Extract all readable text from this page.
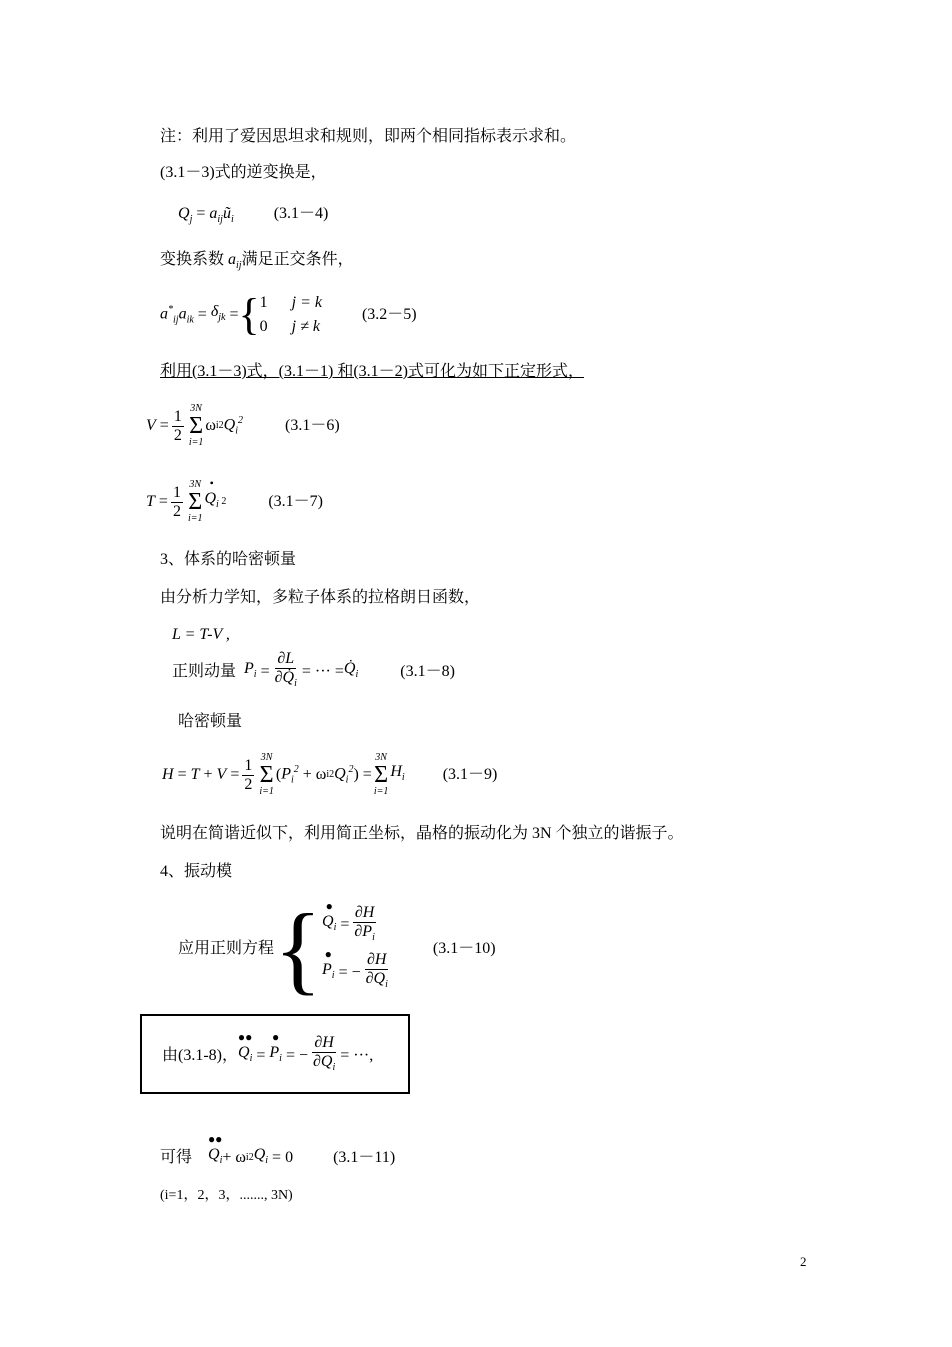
注：利用了爱因思坦求和规则，即两个相同指标表示求和。
(3.1－3)式的逆变换是，
$Q_j$ = $a_{ij}ũ_i$	(3.1－4)
变换系数 $a_{ij}$满足正交条件，
$a^*_{ij}a_{ik} = \delta_{jk}$ = { 1      j = k
0      j ≠ k
(3.2－5)
利用(3.1－3)式，(3.1－1) 和(3.1－2)式可化为如下正定形式，
$V = \frac{1}{2} 3N$
Σ
i=1
ω i 2 $Q_i^2$	(3.1－6)
$T = \frac{1}{2} 3N$
Σ
i=1
•
$Q_i$ 2	(3.1－7)
3、体系的哈密顿量
由分析力学知，多粒子体系的拉格朗日函数，
L = T-V ,
正则动量
$P_i = \frac{\partial L}{\partial Q̇_i}$ = ··· = $Q̇_i$	(3.1－8)
哈密顿量
$H = T + V = \frac{1}{2} 3N$
Σ
i=1
( $P_i^2 + \omega$ i 2 $Q_i^2$ ) =
3N
Σ
i=1
$H_i$ (3.1－9)
说明在简谐近似下，利用简正坐标，晶格的振动化为 3N 个独立的谐振子。
4、振动模
应用正则方程 { ●
$Q_i = \frac{\partial H}{\partial P_i}$
●
$P_i$ = − $\frac{\partial H}{\partial Q_i}$
(3.1－10)
由(3.1-8)，
●●
$Q_i$ =
●
$P_i$ = − $\frac{\partial H}{\partial Q_i}$ = ···,
可得

●●
$Q_i + \omega$ i 2 $Q_i = 0$	(3.1－11)
(i=1，2，3，......., 3N)
2
